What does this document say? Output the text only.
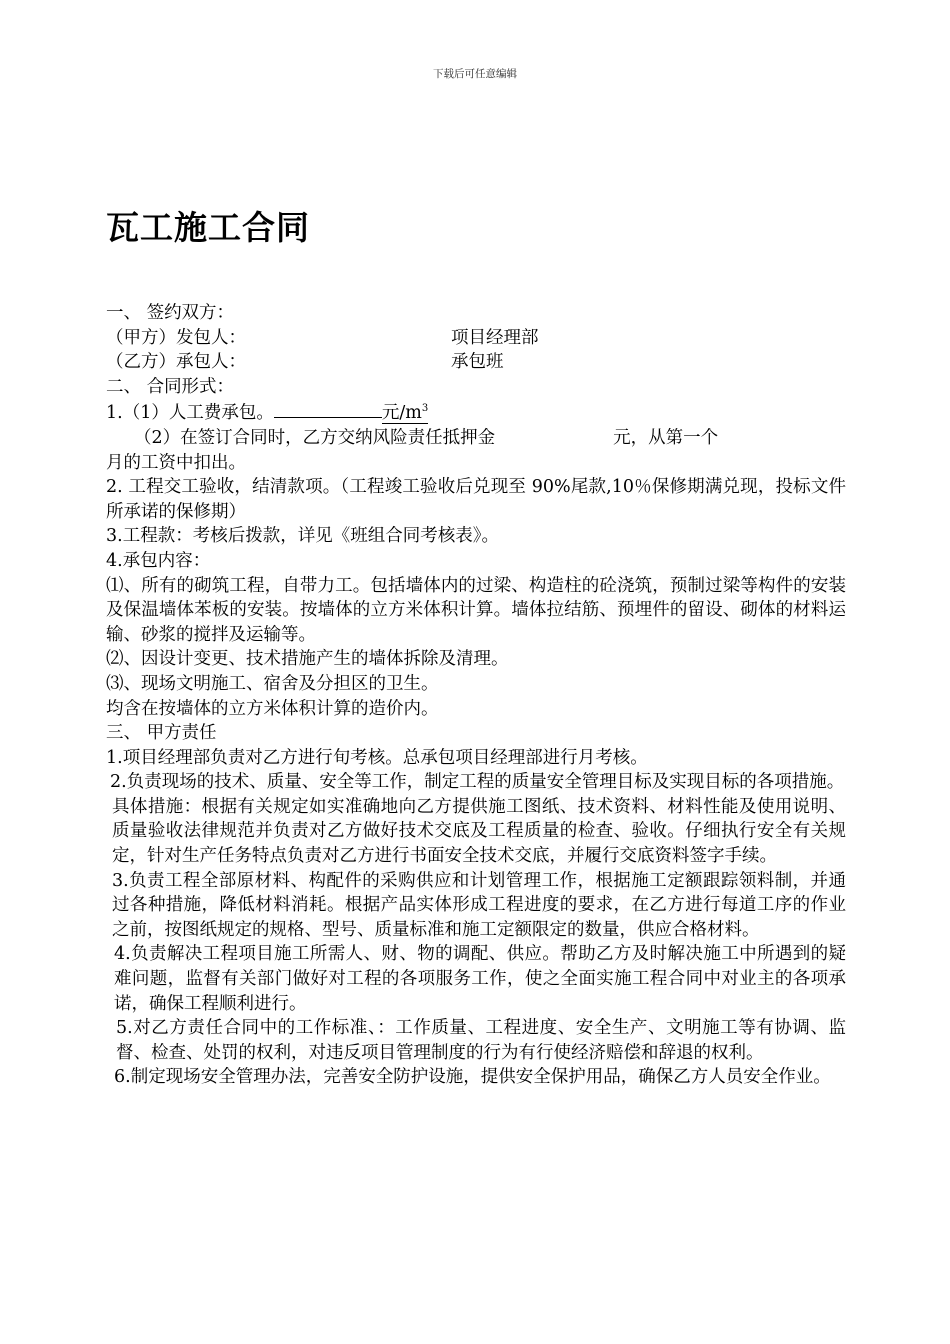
下载后可任意编辑
瓦工施工合同

一、 签约双方：

（甲方）发包人：	项目经理部
（乙方）承包人：	承包班

二、 合同形式：

1.（1）人工费承包。	元$/m^3$

（2）在签订合同时，乙方交纳风险责任抵押金	元，从第一个

月的工资中扣出。

2. 工程交工验收，结清款项。（工程竣工验收后兑现至 90%尾款,10％保修期满兑现，投标文件所承诺的保修期）

3.工程款：考核后拨款，详见《班组合同考核表》。

4.承包内容：

⑴、所有的砌筑工程，自带力工。包括墙体内的过梁、构造柱的砼浇筑，预制过梁等构件的安装及保温墙体苯板的安装。按墙体的立方米体积计算。墙体拉结筋、预埋件的留设、砌体的材料运输、砂浆的搅拌及运输等。

⑵、因设计变更、技术措施产生的墙体拆除及清理。

⑶、现场文明施工、宿舍及分担区的卫生。

均含在按墙体的立方米体积计算的造价内。

三、 甲方责任

1.项目经理部负责对乙方进行旬考核。总承包项目经理部进行月考核。

2.负责现场的技术、质量、安全等工作，制定工程的质量安全管理目标及实现目标的各项措施。

具体措施：根据有关规定如实准确地向乙方提供施工图纸、技术资料、材料性能及使用说明、质量验收法律规范并负责对乙方做好技术交底及工程质量的检查、验收。仔细执行安全有关规定，针对生产任务特点负责对乙方进行书面安全技术交底，并履行交底资料签字手续。

3.负责工程全部原材料、构配件的采购供应和计划管理工作，根据施工定额跟踪领料制，并通过各种措施，降低材料消耗。根据产品实体形成工程进度的要求，在乙方进行每道工序的作业之前，按图纸规定的规格、型号、质量标准和施工定额限定的数量，供应合格材料。

4.负责解决工程项目施工所需人、财、物的调配、供应。帮助乙方及时解决施工中所遇到的疑难问题，监督有关部门做好对工程的各项服务工作，使之全面实施工程合同中对业主的各项承诺，确保工程顺利进行。

5.对乙方责任合同中的工作标准、：工作质量、工程进度、安全生产、文明施工等有协调、监督、检查、处罚的权利，对违反项目管理制度的行为有行使经济赔偿和辞退的权利。

6.制定现场安全管理办法，完善安全防护设施，提供安全保护用品，确保乙方人员安全作业。
